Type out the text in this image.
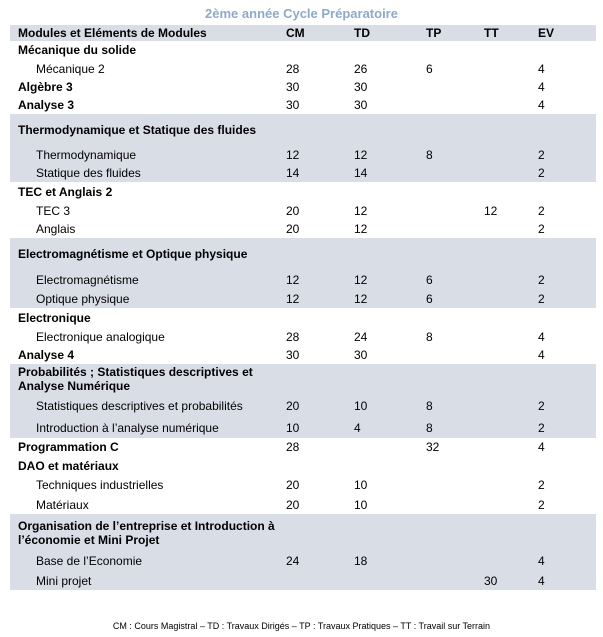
2ème année Cycle Préparatoire
Modules et Eléments de Modules	CM	TD	TP	TT	EV
Mécanique du solide					
Mécanique 2	28	26	6		4
Algèbre 3	30	30			4
Analyse 3	30	30			4
Thermodynamique et Statique des fluides					
Thermodynamique	12	12	8		2
Statique des fluides	14	14			2
TEC et Anglais 2					
TEC 3	20	12		12	2
Anglais	20	12			2
Electromagnétisme et Optique physique					
Electromagnétisme	12	12	6		2
Optique physique	12	12	6		2
Electronique					
Electronique analogique	28	24	8		4
Analyse 4	30	30			4
Probabilités ; Statistiques descriptives et Analyse Numérique					
Statistiques descriptives et probabilités	20	10	8		2
Introduction à l’analyse numérique	10	4	8		2
Programmation C	28		32		4
DAO et matériaux					
Techniques industrielles	20	10			2
Matériaux	20	10			2
Organisation de l’entreprise et Introduction à l’économie et Mini Projet					
Base de l’Economie	24	18			4
Mini projet				30	4
CM : Cours Magistral – TD : Travaux Dirigés – TP : Travaux Pratiques – TT : Travail sur Terrain
